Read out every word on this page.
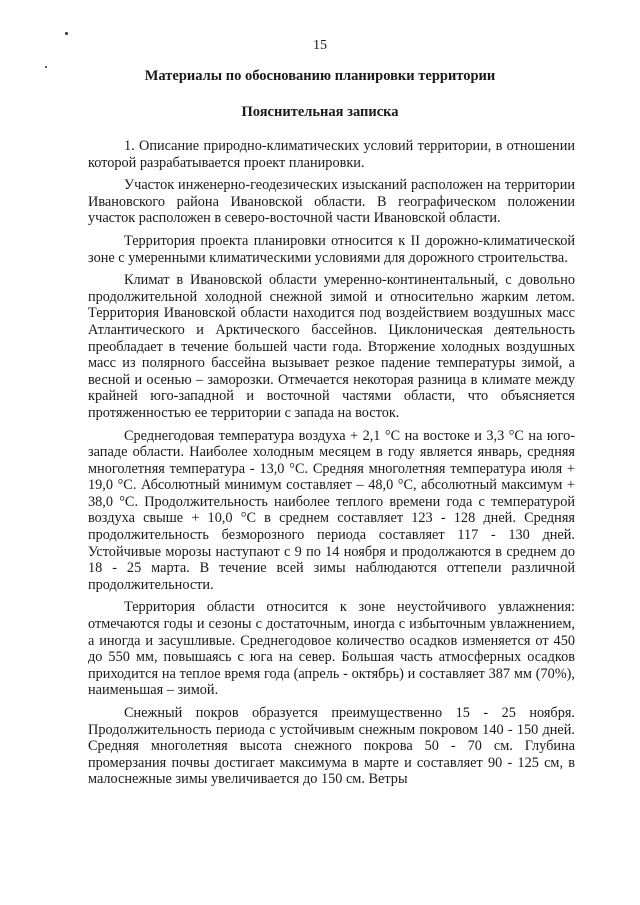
15
Материалы по обоснованию планировки территории
Пояснительная записка

1. Описание природно-климатических условий территории, в отношении которой разрабатывается проект планировки.

Участок инженерно-геодезических изысканий расположен на территории Ивановского района Ивановской области. В географическом положении участок расположен в северо-восточной части Ивановской области.

Территория проекта планировки относится к II дорожно-климатической зоне с умеренными климатическими условиями для дорожного строительства.

Климат в Ивановской области умеренно-континентальный, с довольно продолжительной холодной снежной зимой и относительно жарким летом. Территория Ивановской области находится под воздействием воздушных масс Атлантического и Арктического бассейнов. Циклоническая деятельность преобладает в течение большей части года. Вторжение холодных воздушных масс из полярного бассейна вызывает резкое падение температуры зимой, а весной и осенью – заморозки. Отмечается некоторая разница в климате между крайней юго-западной и восточной частями области, что объясняется протяженностью ее территории с запада на восток.

Среднегодовая температура воздуха + 2,1 °С на востоке и 3,3 °С на юго-западе области. Наиболее холодным месяцем в году является январь, средняя многолетняя температура - 13,0 °С. Средняя многолетняя температура июля + 19,0 °С. Абсолютный минимум составляет – 48,0 °С, абсолютный максимум + 38,0 °С. Продолжительность наиболее теплого времени года с температурой воздуха свыше + 10,0 °С в среднем составляет 123 - 128 дней. Средняя продолжительность безморозного периода составляет 117 - 130 дней. Устойчивые морозы наступают с 9 по 14 ноября и продолжаются в среднем до 18 - 25 марта. В течение всей зимы наблюдаются оттепели различной продолжительности.

Территория области относится к зоне неустойчивого увлажнения: отмечаются годы и сезоны с достаточным, иногда с избыточным увлажнением, а иногда и засушливые. Среднегодовое количество осадков изменяется от 450 до 550 мм, повышаясь с юга на север. Большая часть атмосферных осадков приходится на теплое время года (апрель - октябрь) и составляет 387 мм (70%), наименьшая – зимой.

Снежный покров образуется преимущественно 15 - 25 ноября. Продолжительность периода с устойчивым снежным покровом 140 - 150 дней. Средняя многолетняя высота снежного покрова 50 - 70 см. Глубина промерзания почвы достигает максимума в марте и составляет 90 - 125 см, в малоснежные зимы увеличивается до 150 см. Ветры
